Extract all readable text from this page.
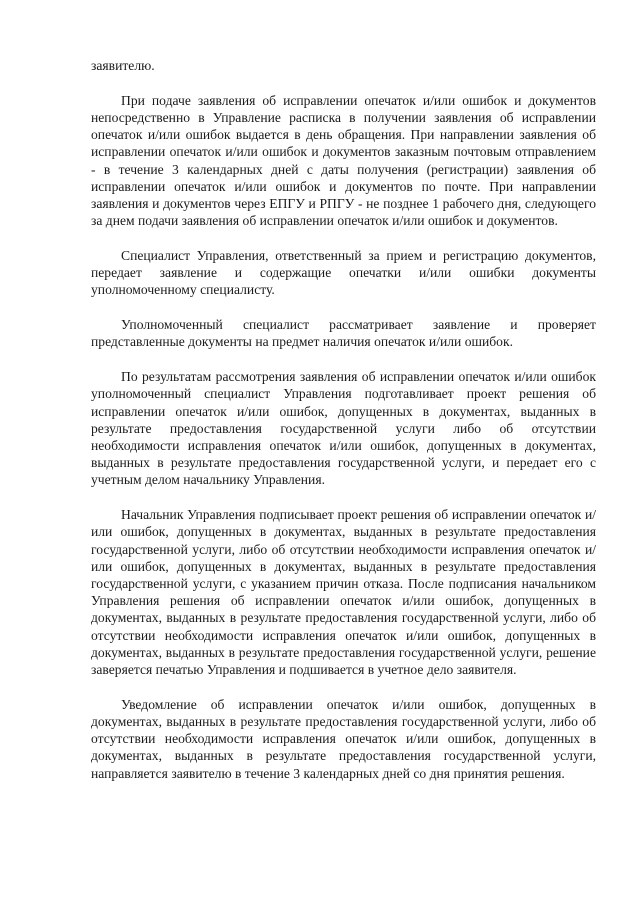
заявителю.

При подаче заявления об исправлении опечаток и/или ошибок и документов непосредственно в Управление расписка в получении заявления об исправлении опечаток и/или ошибок выдается в день обращения. При направлении заявления об исправлении опечаток и/или ошибок и документов заказным почтовым отправлением - в течение 3 календарных дней с даты получения (регистрации) заявления об исправлении опечаток и/или ошибок и документов по почте. При направлении заявления и документов через ЕПГУ и РПГУ - не позднее 1 рабочего дня, следующего за днем подачи заявления об исправлении опечаток и/или ошибок и документов.

Специалист Управления, ответственный за прием и регистрацию документов, передает заявление и содержащие опечатки и/или ошибки документы уполномоченному специалисту.

Уполномоченный специалист рассматривает заявление и проверяет представленные документы на предмет наличия опечаток и/или ошибок.

По результатам рассмотрения заявления об исправлении опечаток и/или ошибок уполномоченный специалист Управления подготавливает проект решения об исправлении опечаток и/или ошибок, допущенных в документах, выданных в результате предоставления государственной услуги либо об отсутствии необходимости исправления опечаток и/или ошибок, допущенных в документах, выданных в результате предоставления государственной услуги, и передает его с учетным делом начальнику Управления.

Начальник Управления подписывает проект решения об исправлении опечаток и/или ошибок, допущенных в документах, выданных в результате предоставления государственной услуги, либо об отсутствии необходимости исправления опечаток и/или ошибок, допущенных в документах, выданных в результате предоставления государственной услуги, с указанием причин отказа. После подписания начальником Управления решения об исправлении опечаток и/или ошибок, допущенных в документах, выданных в результате предоставления государственной услуги, либо об отсутствии необходимости исправления опечаток и/или ошибок, допущенных в документах, выданных в результате предоставления государственной услуги, решение заверяется печатью Управления и подшивается в учетное дело заявителя.

Уведомление об исправлении опечаток и/или ошибок, допущенных в документах, выданных в результате предоставления государственной услуги, либо об отсутствии необходимости исправления опечаток и/или ошибок, допущенных в документах, выданных в результате предоставления государственной услуги, направляется заявителю в течение 3 календарных дней со дня принятия решения.
